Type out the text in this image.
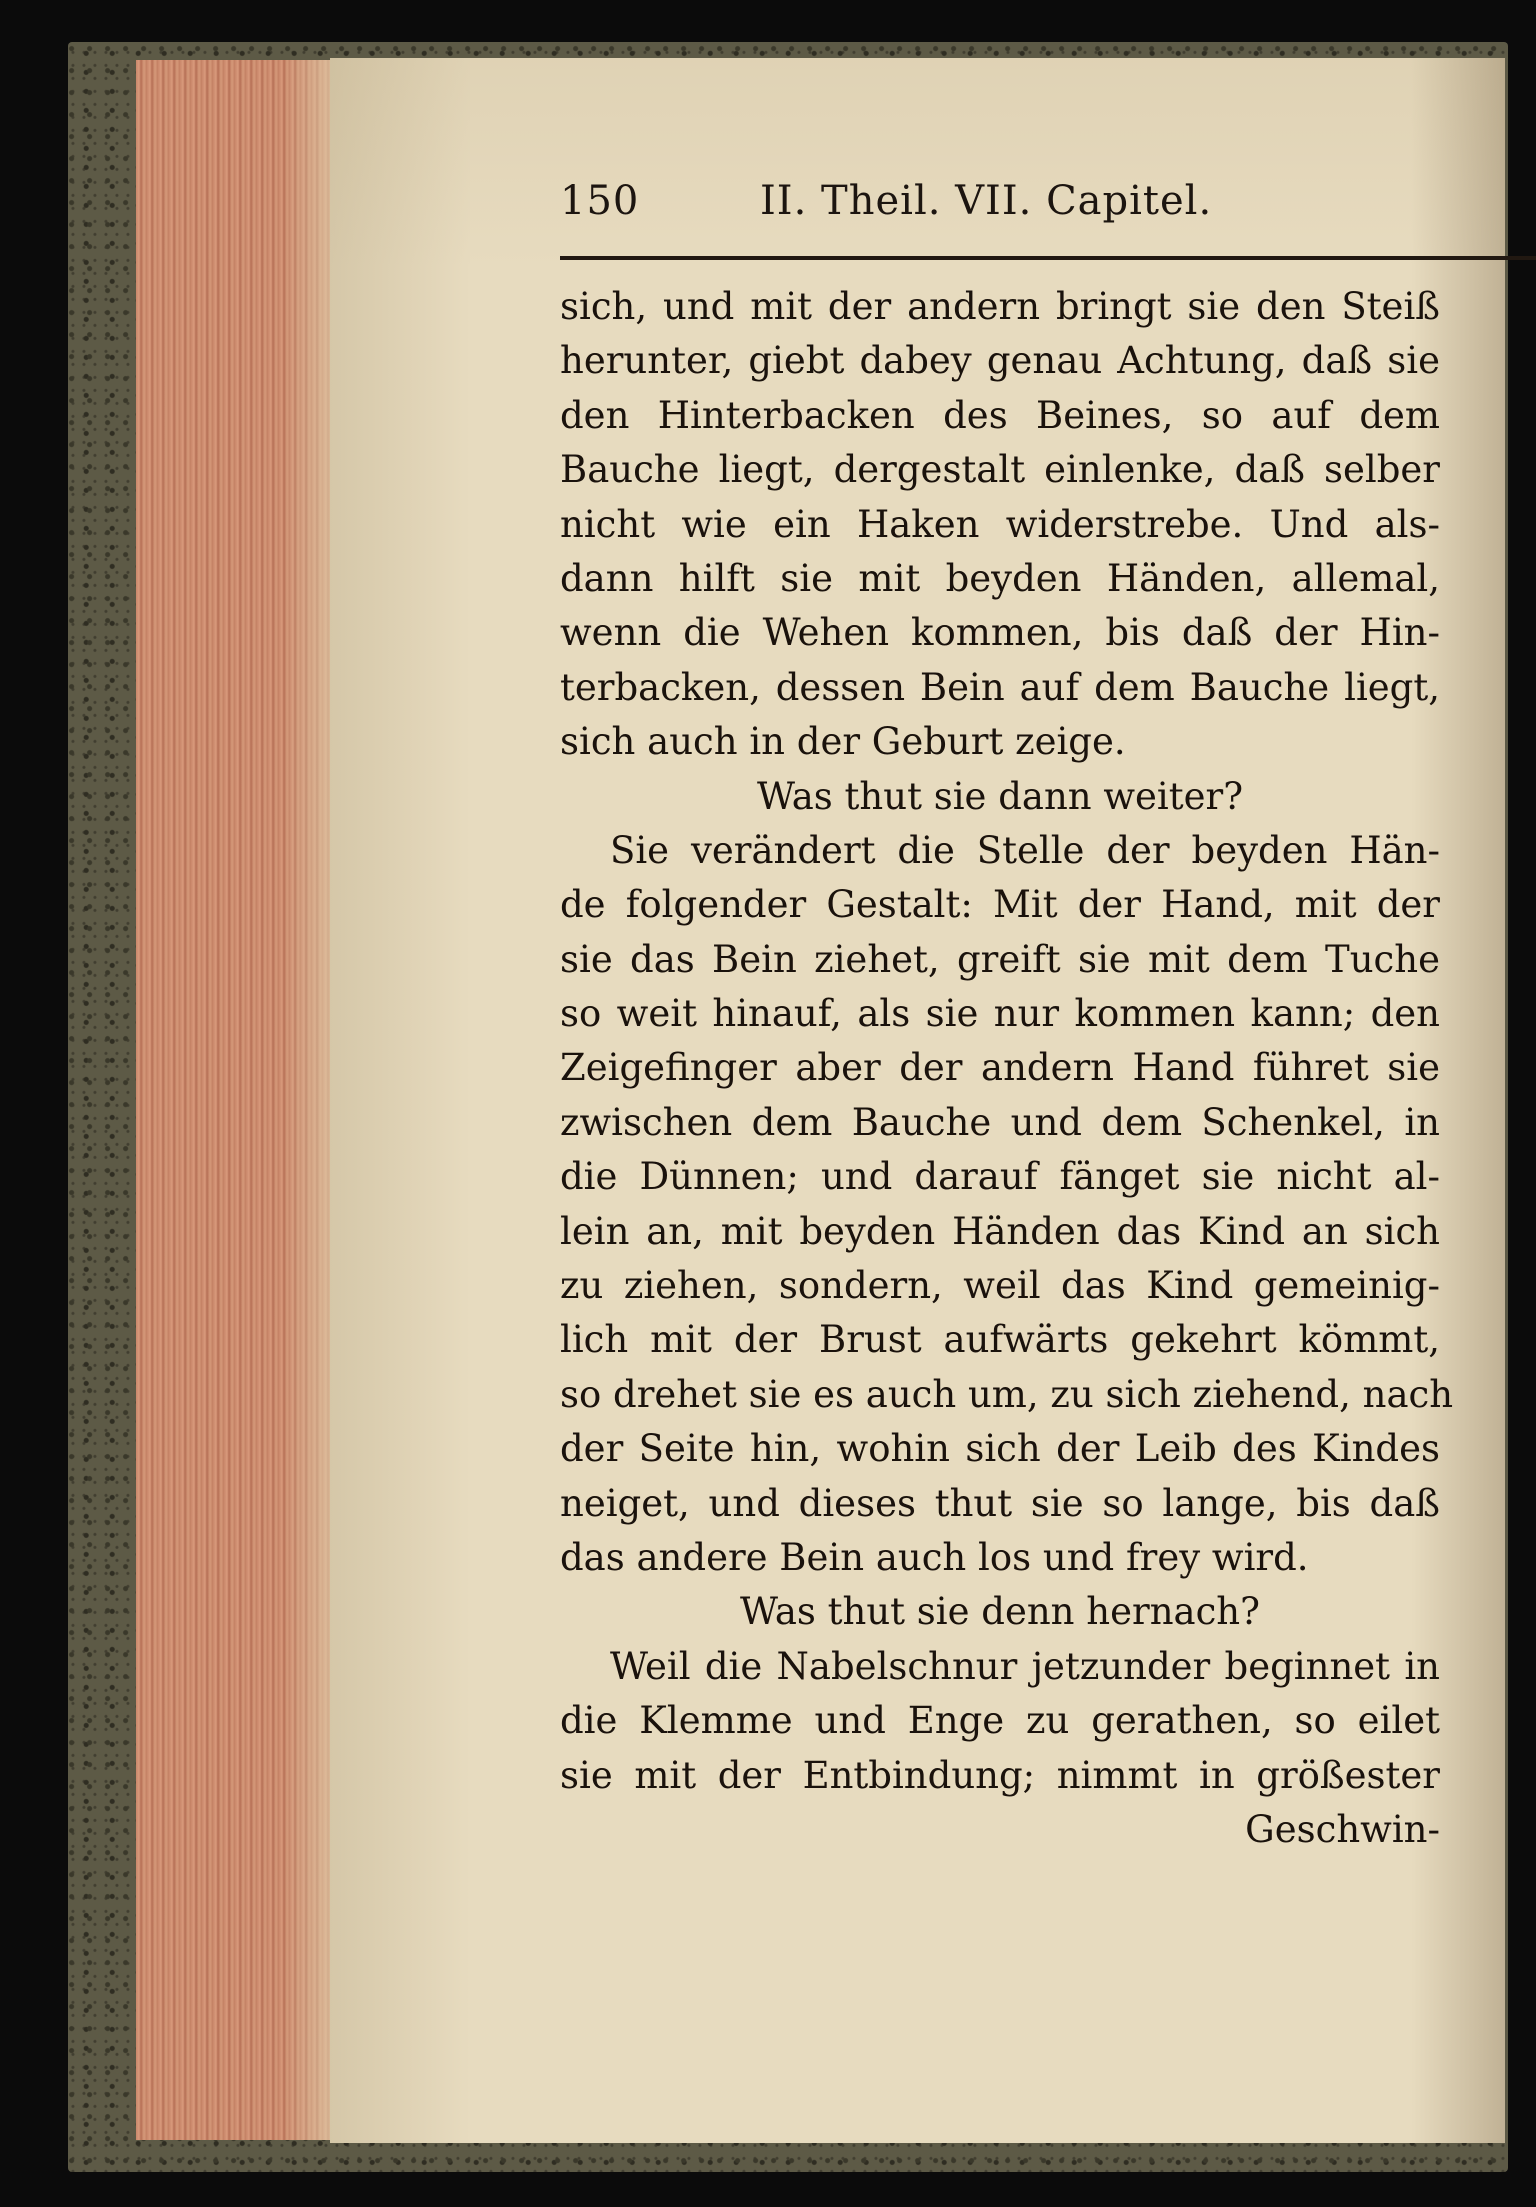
150	II. Theil. VII. Capitel.
sich, und mit der andern bringt sie den Steiß
herunter, giebt dabey genau Achtung, daß sie
den Hinterbacken des Beines, so auf dem
Bauche liegt, dergestalt einlenke, daß selber
nicht wie ein Haken widerstrebe. Und als-
dann hilft sie mit beyden Händen, allemal,
wenn die Wehen kommen, bis daß der Hin-
terbacken, dessen Bein auf dem Bauche liegt,
sich auch in der Geburt zeige.
Was thut sie dann weiter?
Sie verändert die Stelle der beyden Hän-
de folgender Gestalt: Mit der Hand, mit der
sie das Bein ziehet, greift sie mit dem Tuche
so weit hinauf, als sie nur kommen kann; den
Zeigefinger aber der andern Hand führet sie
zwischen dem Bauche und dem Schenkel, in
die Dünnen; und darauf fänget sie nicht al-
lein an, mit beyden Händen das Kind an sich
zu ziehen, sondern, weil das Kind gemeinig-
lich mit der Brust aufwärts gekehrt kömmt,
so drehet sie es auch um, zu sich ziehend, nach
der Seite hin, wohin sich der Leib des Kindes
neiget, und dieses thut sie so lange, bis daß
das andere Bein auch los und frey wird.
Was thut sie denn hernach?
Weil die Nabelschnur jetzunder beginnet in
die Klemme und Enge zu gerathen, so eilet
sie mit der Entbindung; nimmt in größester
Geschwin-
